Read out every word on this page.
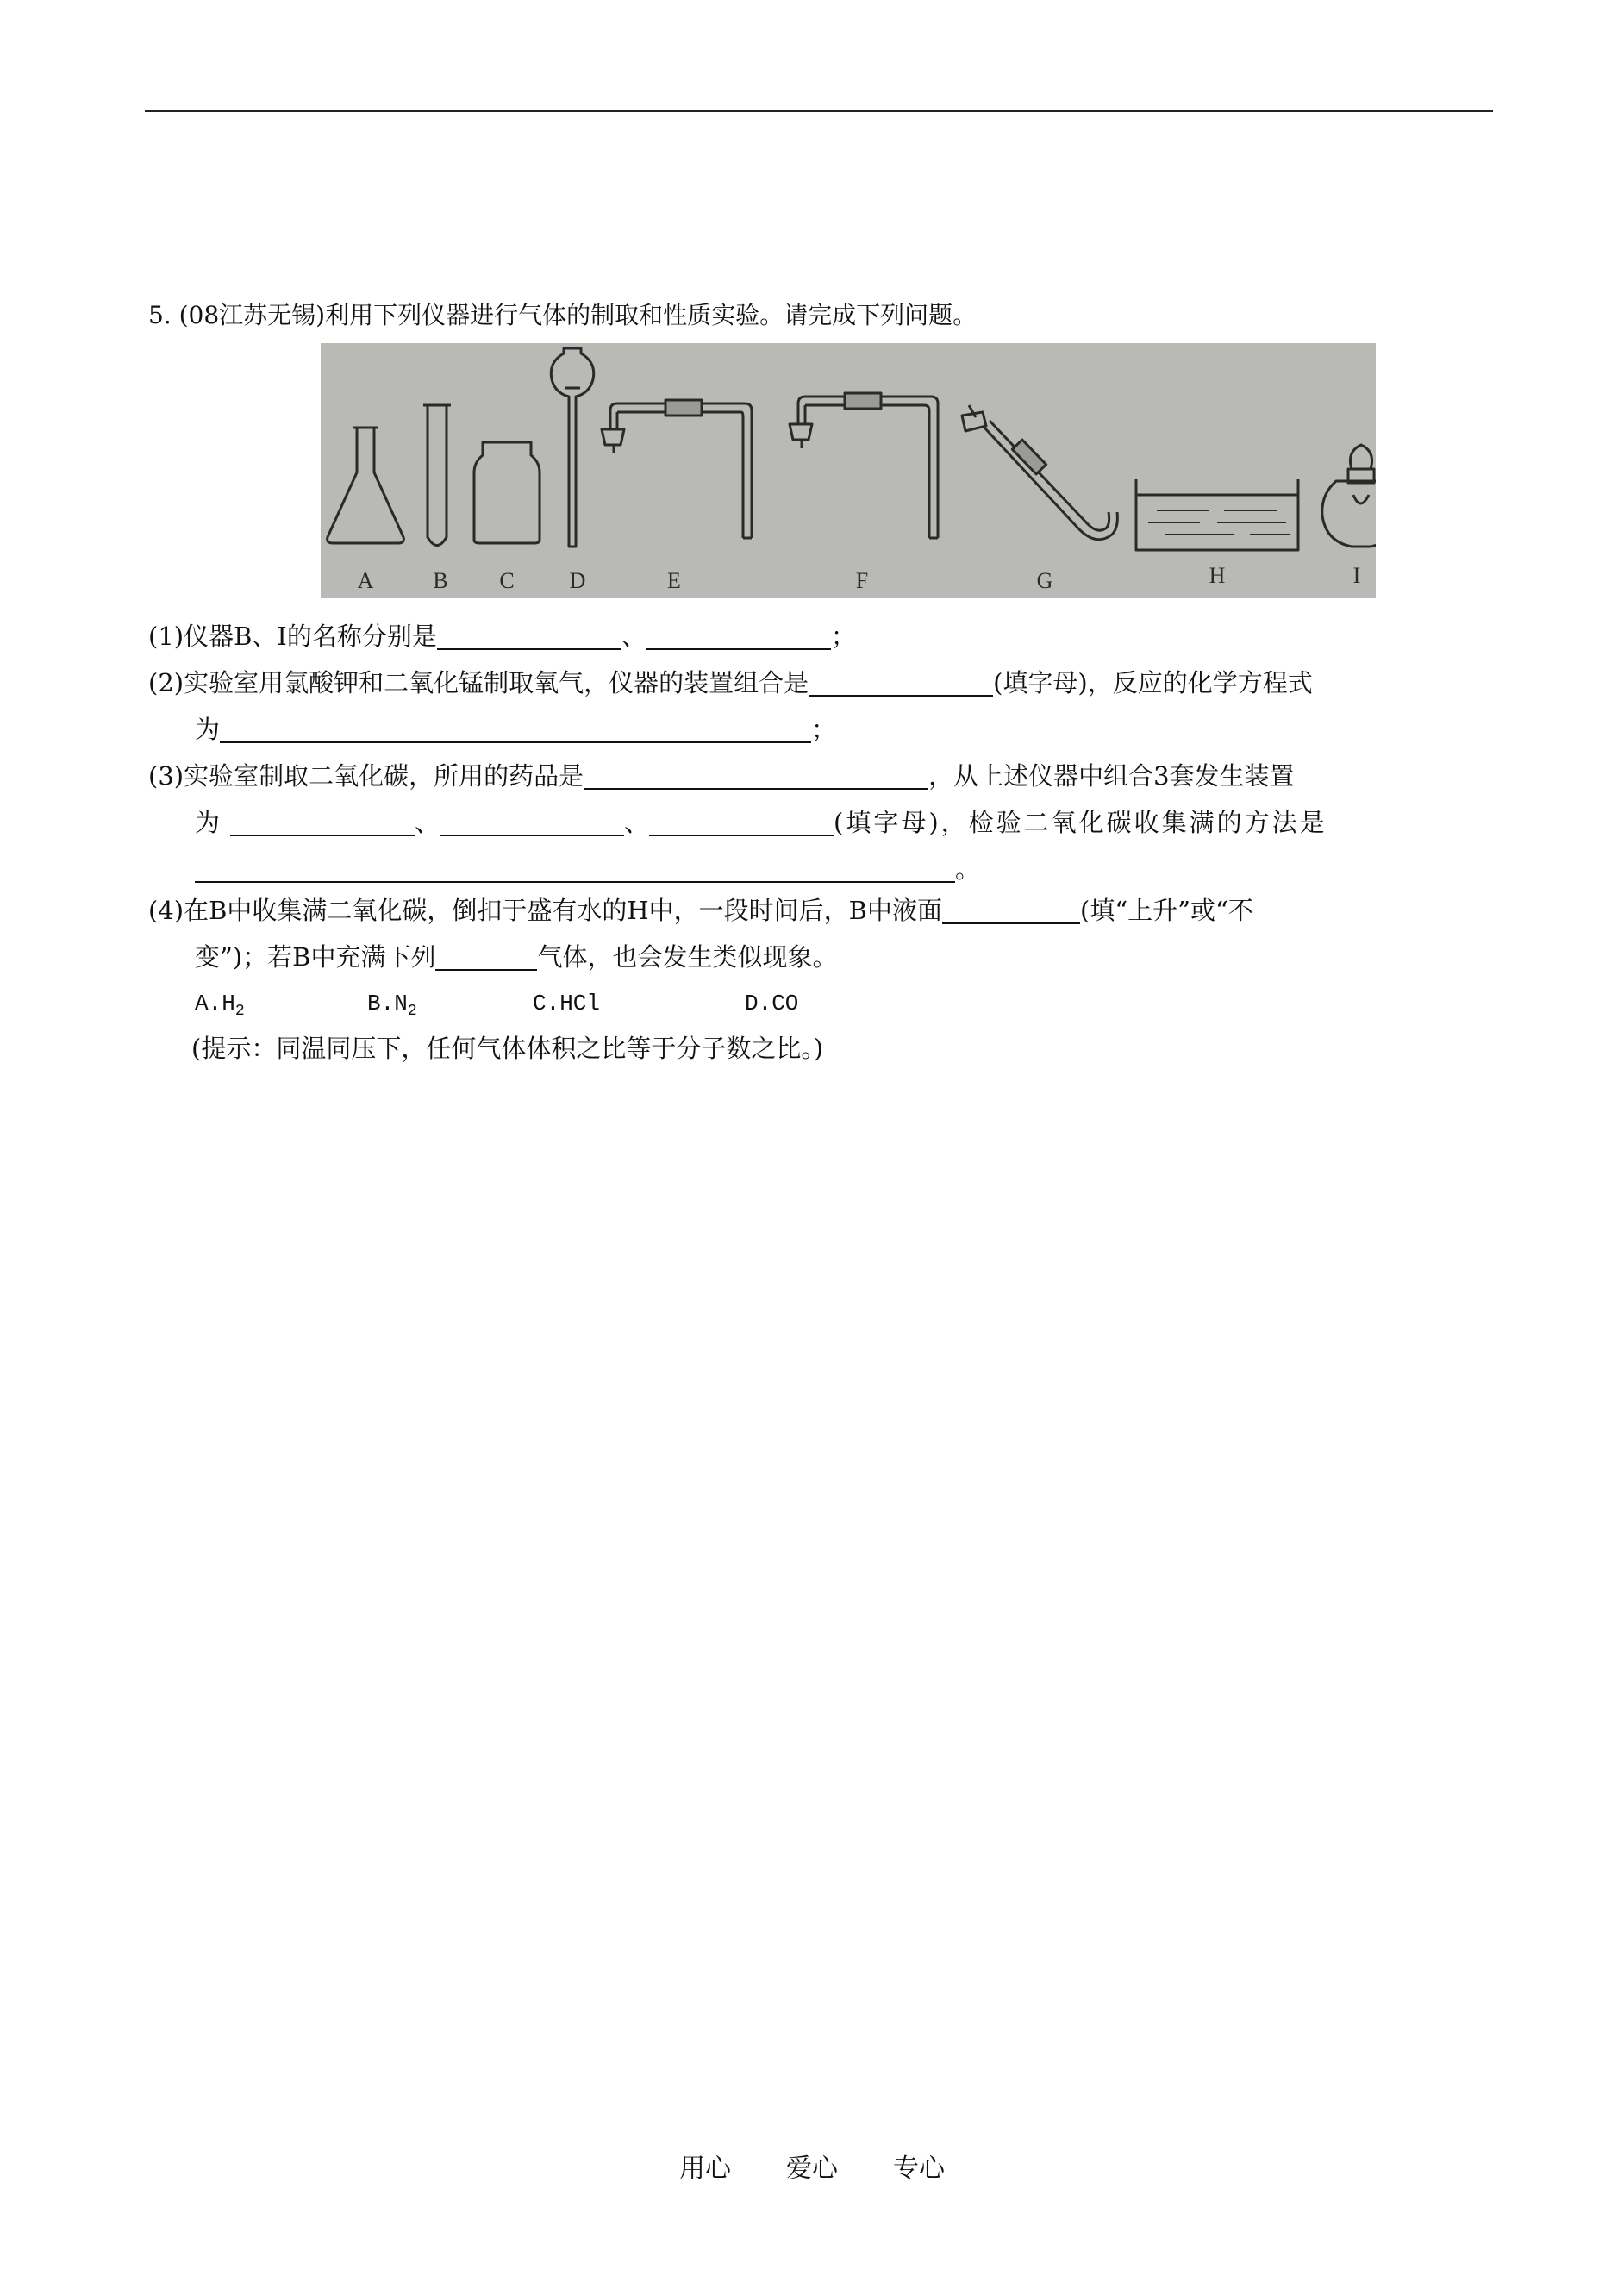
5. (08江苏无锡)利用下列仪器进行气体的制取和性质实验。请完成下列问题。
A	B C D	E	F	G	H	I
(1)仪器B、I的名称分别是	、	；
(2)实验室用氯酸钾和二氧化锰制取氧气，仪器的装置组合是	(填字母)，反应的化学方程式
为	；
(3)实验室制取二氧化碳，所用的药品是	，从上述仪器中组合3套发生装置
为	、	、	(填字母)，检验二氧化碳收集满的方法是
。
(4)在B中收集满二氧化碳，倒扣于盛有水的H中，一段时间后，B中液面	(填“上升”或“不
变”)；若B中充满下列	气体，也会发生类似现象。
$A.H_2$	$B.N_2$	C.HCl	D.CO
(提示：同温同压下，任何气体体积之比等于分子数之比。)
用心 爱心 专心
